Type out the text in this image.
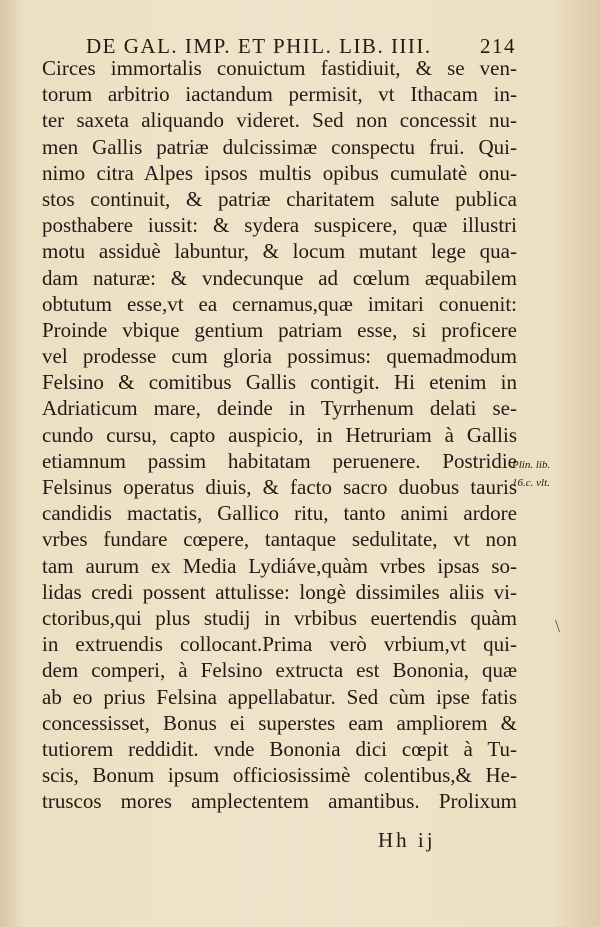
DE GAL. IMP. ET PHIL. LIB. IIII. 214
Circes immortalis conuictum fastidiuit, & se ven-
torum arbitrio iactandum permisit, vt Ithacam in-
ter saxeta aliquando videret. Sed non concessit nu-
men Gallis patriæ dulcissimæ conspectu frui. Qui-
nimo citra Alpes ipsos multis opibus cumulatè onu-
stos continuit, & patriæ charitatem salute publica
posthabere iussit: & sydera suspicere, quæ illustri
motu assiduè labuntur, & locum mutant lege qua-
dam naturæ: & vndecunque ad cœlum æquabilem
obtutum esse,vt ea cernamus,quæ imitari conuenit:
Proinde vbique gentium patriam esse, si proficere
vel prodesse cum gloria possimus: quemadmodum
Felsino & comitibus Gallis contigit. Hi etenim in
Adriaticum mare, deinde in Tyrrhenum delati se-
cundo cursu, capto auspicio, in Hetruriam à Gallis
etiamnum passim habitatam peruenere. Postridie
Felsinus operatus diuis, & facto sacro duobus tauris
candidis mactatis, Gallico ritu, tanto animi ardore
vrbes fundare cœpere, tantaque sedulitate, vt non
tam aurum ex Media Lydiáve,quàm vrbes ipsas so-
lidas credi possent attulisse: longè dissimiles aliis vi-
ctoribus,qui plus studij in vrbibus euertendis quàm
in extruendis collocant.Prima verò vrbium,vt qui-
dem comperi, à Felsino extructa est Bononia, quæ
ab eo prius Felsina appellabatur. Sed cùm ipse fatis
concessisset, Bonus ei superstes eam ampliorem &
tutiorem reddidit. vnde Bononia dici cœpit à Tu-
scis, Bonum ipsum officiosissimè colentibus,& He-
truscos mores amplectentem amantibus. Prolixum
Plin. lib.
16.c. vlt.
\
Hh ij
